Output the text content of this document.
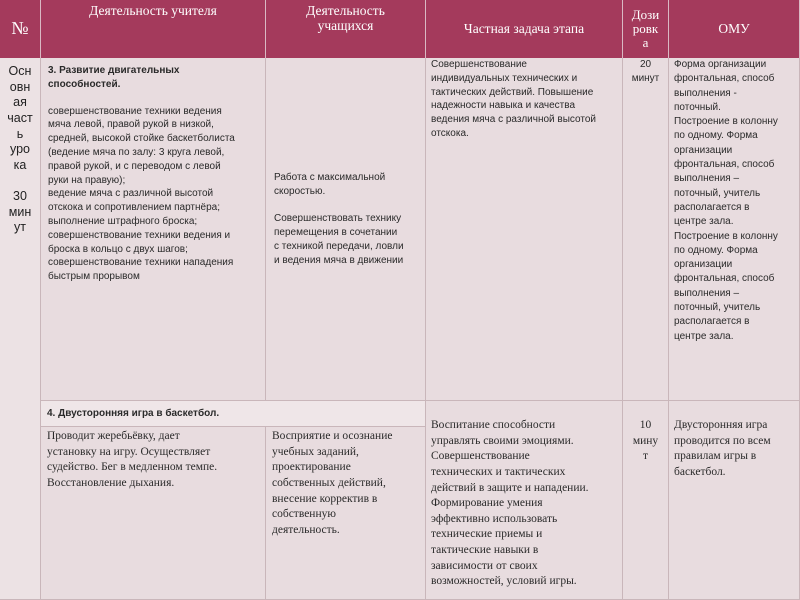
№
Деятельность учителя	Деятельность учащихся	Частная задача этапа
Дози
ровк
а
ОМУ
Осн
овн
ая
част
ь
уро
ка

30
мин
ут
3. Развитие двигательных
способностей.
совершенствование техники ведения
мяча левой, правой рукой в низкой,
средней, высокой стойке баскетболиста
(ведение мяча по залу: 3 круга левой,
правой рукой, и с переводом с левой
руки на правую);
ведение мяча с различной высотой
отскока и сопротивлением партнёра;
выполнение штрафного броска;
совершенствование техники ведения и
броска в кольцо с двух шагов;
совершенствование техники нападения
быстрым прорывом
Работа с максимальной
скоростью.

Совершенствовать технику
перемещения в сочетании
с техникой передачи, ловли
и ведения мяча в движении
Совершенствование
индивидуальных технических и
тактических действий. Повышение
надежности навыка и качества
ведения мяча с различной высотой
отскока.
20
минут
Форма организации
фронтальная, способ
выполнения -
поточный.
Построение в колонну
по одному. Форма
организации
фронтальная, способ
выполнения –
поточный, учитель
располагается в
центре зала.
Построение в колонну
по одному. Форма
организации
фронтальная, способ
выполнения –
поточный, учитель
располагается в
центре зала.
4. Двусторонняя игра в баскетбол.
Проводит жеребьёвку, дает
установку на игру. Осуществляет
судейство. Бег в медленном темпе.
Восстановление дыхания.
Восприятие и осознание
учебных заданий,
проектирование
собственных действий,
внесение корректив в
собственную
деятельность.
Воспитание способности
управлять своими эмоциями.
Совершенствование
технических и тактических
действий в защите и нападении.
Формирование умения
эффективно использовать
технические приемы и
тактические навыки в
зависимости от своих
возможностей, условий игры.
10
мину
т
Двусторонняя игра
проводится по всем
правилам игры в
баскетбол.
